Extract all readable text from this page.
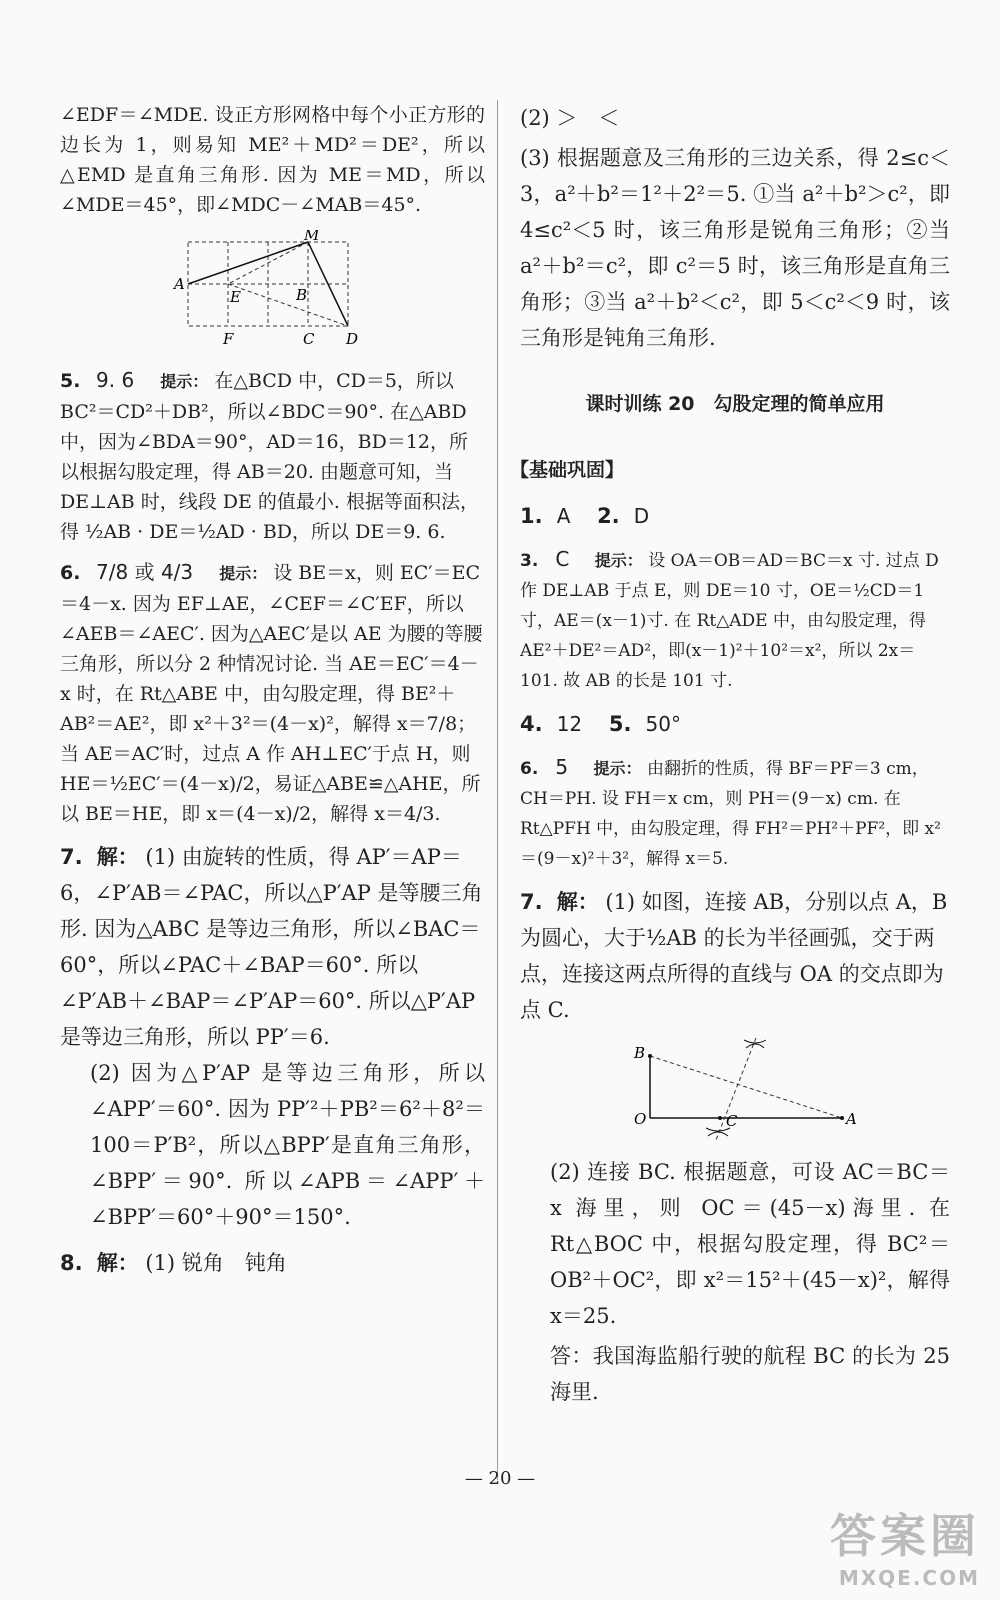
∠EDF＝∠MDE. 设正方形网格中每个小正方形的边长为 1，则易知 ME²＋MD²＝DE²，所以△EMD 是直角三角形. 因为 ME＝MD，所以∠MDE＝45°，即∠MDC－∠MAB＝45°.

M
A
E	B
F	C D
5. 9. 6 提示： 在△BCD 中，CD＝5，所以 BC²＝CD²＋DB²，所以∠BDC＝90°. 在△ABD 中，因为∠BDA＝90°，AD＝16，BD＝12，所以根据勾股定理，得 AB＝20. 由题意可知，当 DE⊥AB 时，线段 DE 的值最小. 根据等面积法，得 ½AB · DE＝½AD · BD，所以 DE＝9. 6.
6. 7/8 或 4/3 提示： 设 BE＝x，则 EC′＝EC＝4－x. 因为 EF⊥AE，∠CEF＝∠C′EF，所以∠AEB＝∠AEC′. 因为△AEC′是以 AE 为腰的等腰三角形，所以分 2 种情况讨论. 当 AE＝EC′＝4－x 时，在 Rt△ABE 中，由勾股定理，得 BE²＋AB²＝AE²，即 x²＋3²＝(4－x)²，解得 x＝7/8；当 AE＝AC′时，过点 A 作 AH⊥EC′于点 H，则 HE＝½EC′＝(4－x)/2，易证△ABE≌△AHE，所以 BE＝HE，即 x＝(4－x)/2，解得 x＝4/3.
7. 解： (1) 由旋转的性质，得 AP′＝AP＝6，∠P′AB＝∠PAC，所以△P′AP 是等腰三角形. 因为△ABC 是等边三角形，所以∠BAC＝60°，所以∠PAC＋∠BAP＝60°. 所以∠P′AB＋∠BAP＝∠P′AP＝60°. 所以△P′AP 是等边三角形，所以 PP′＝6.

(2) 因为△P′AP 是等边三角形，所以∠APP′＝60°. 因为 PP′²＋PB²＝6²＋8²＝100＝P′B²，所以△BPP′是直角三角形，∠BPP′＝90°. 所以∠APB＝∠APP′＋∠BPP′＝60°＋90°＝150°.

8. 解： (1) 锐角　钝角

(2) ＞　＜

(3) 根据题意及三角形的三边关系，得 2≤c＜3，a²＋b²＝1²＋2²＝5. ①当 a²＋b²＞c²，即 4≤c²＜5 时，该三角形是锐角三角形；②当 a²＋b²＝c²，即 c²＝5 时，该三角形是直角三角形；③当 a²＋b²＜c²，即 5＜c²＜9 时，该三角形是钝角三角形.

课时训练 20　勾股定理的简单应用
【基础巩固】
1. A 2. D
3. C 提示： 设 OA＝OB＝AD＝BC＝x 寸. 过点 D 作 DE⊥AB 于点 E，则 DE＝10 寸，OE＝½CD＝1 寸，AE＝(x－1)寸. 在 Rt△ADE 中，由勾股定理，得 AE²＋DE²＝AD²，即(x－1)²＋10²＝x²，所以 2x＝101. 故 AB 的长是 101 寸.
4. 12 5. 50°
6. 5 提示： 由翻折的性质，得 BF＝PF＝3 cm，CH＝PH. 设 FH＝x cm，则 PH＝(9－x) cm. 在 Rt△PFH 中，由勾股定理，得 FH²＝PH²＋PF²，即 x²＝(9－x)²＋3²，解得 x＝5.
7. 解： (1) 如图，连接 AB，分别以点 A，B 为圆心，大于½AB 的长为半径画弧，交于两点，连接这两点所得的直线与 OA 的交点即为点 C.
B
O	C	A

(2) 连接 BC. 根据题意，可设 AC＝BC＝x 海里，则 OC＝(45－x)海里. 在 Rt△BOC 中，根据勾股定理，得 BC²＝OB²＋OC²，即 x²＝15²＋(45－x)²，解得 x＝25.

答：我国海监船行驶的航程 BC 的长为 25 海里.

— 20 —
答案圈
MXQE.COM
